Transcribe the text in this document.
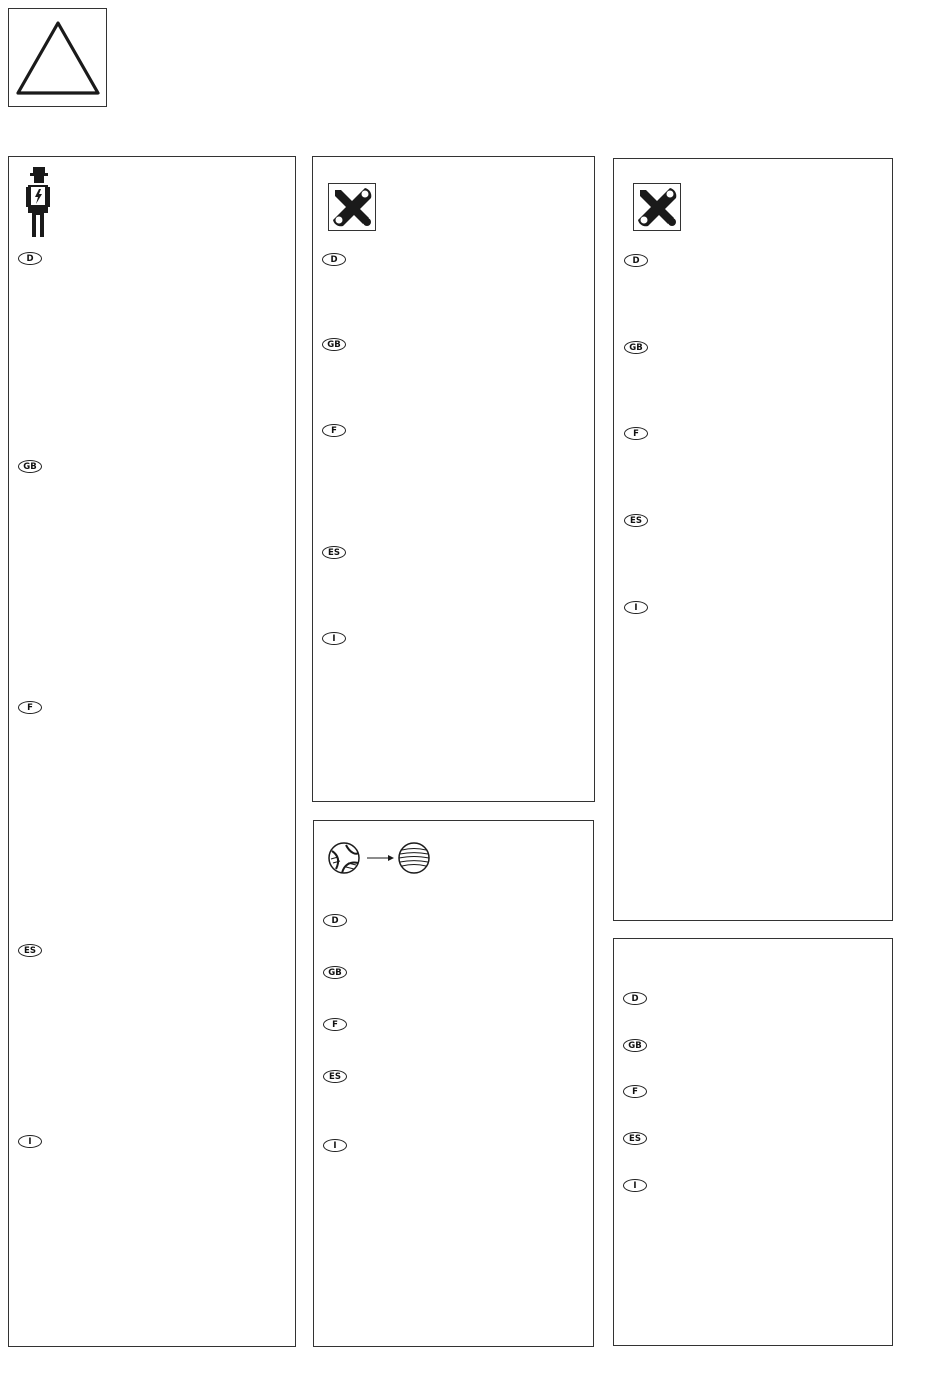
D
GB
F
ES
I
D
GB
F
ES
I
D
GB
F
ES
I
D
GB
F
ES
I
D
GB
F
ES
I
